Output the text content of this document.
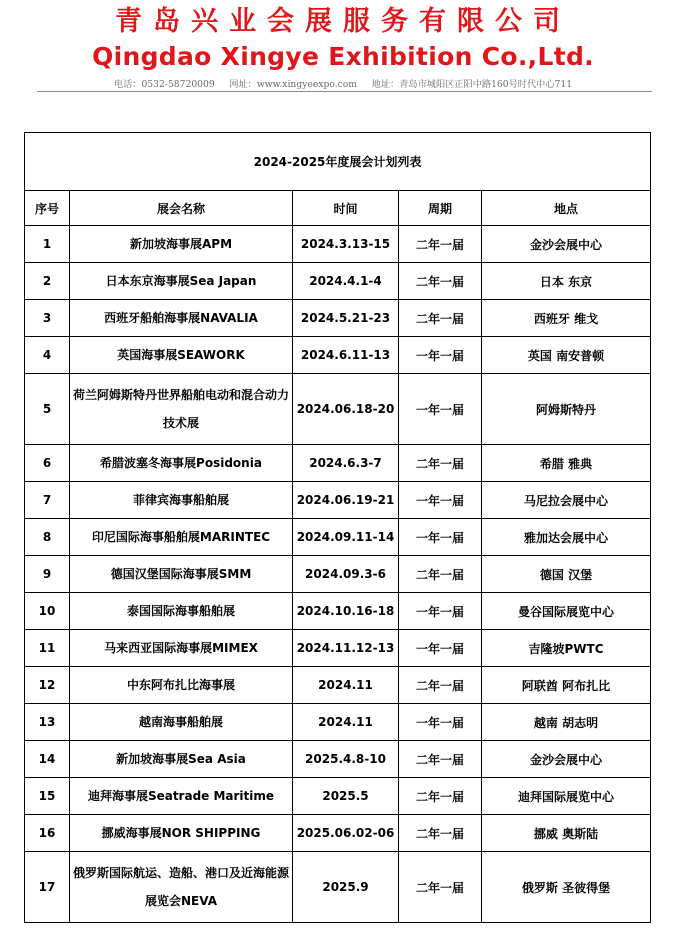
青岛兴业会展服务有限公司
Qingdao Xingye Exhibition Co.,Ltd.
电话：0532-58720009 网址：www.xingyeexpo.com 地址：青岛市城阳区正阳中路160号时代中心711
2024-2025年度展会计划列表				
序号	展会名称	时间	周期	地点
1	新加坡海事展APM	2024.3.13-15	二年一届	金沙会展中心
2	日本东京海事展Sea Japan	2024.4.1-4	二年一届	日本 东京
3	西班牙船舶海事展NAVALIA	2024.5.21-23	二年一届	西班牙 维戈
4	英国海事展SEAWORK	2024.6.11-13	一年一届	英国 南安普顿
5	荷兰阿姆斯特丹世界船舶电动和混合动力技术展	2024.06.18-20	一年一届	阿姆斯特丹
6	希腊波塞冬海事展Posidonia	2024.6.3-7	二年一届	希腊 雅典
7	菲律宾海事船舶展	2024.06.19-21	一年一届	马尼拉会展中心
8	印尼国际海事船舶展MARINTEC	2024.09.11-14	一年一届	雅加达会展中心
9	德国汉堡国际海事展SMM	2024.09.3-6	二年一届	德国 汉堡
10	泰国国际海事船舶展	2024.10.16-18	一年一届	曼谷国际展览中心
11	马来西亚国际海事展MIMEX	2024.11.12-13	一年一届	吉隆坡PWTC
12	中东阿布扎比海事展	2024.11	二年一届	阿联酋 阿布扎比
13	越南海事船舶展	2024.11	一年一届	越南 胡志明
14	新加坡海事展Sea Asia	2025.4.8-10	二年一届	金沙会展中心
15	迪拜海事展Seatrade Maritime	2025.5	二年一届	迪拜国际展览中心
16	挪威海事展NOR SHIPPING	2025.06.02-06	二年一届	挪威 奥斯陆
17	俄罗斯国际航运、造船、港口及近海能源展览会NEVA	2025.9	二年一届	俄罗斯 圣彼得堡
